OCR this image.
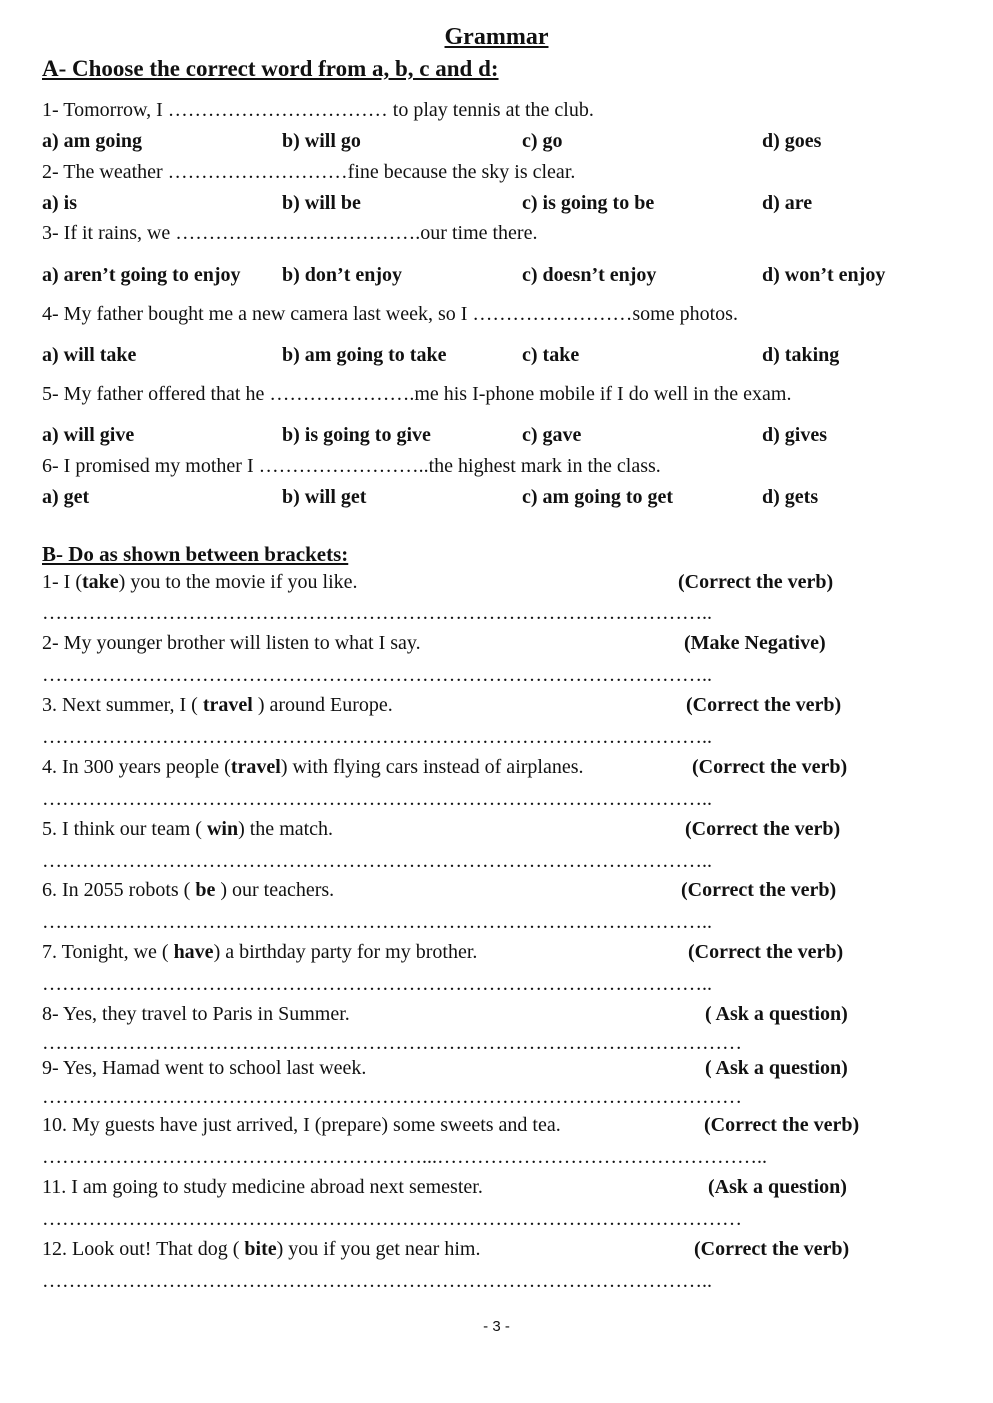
Grammar
A- Choose the correct word from a, b, c and d:
1- Tomorrow, I …………………………… to play tennis at the club.
a) am going	b) will go	c) go	d) goes
2- The weather ………………………fine because the sky is clear.
a) is	b) will be	c) is going to be	d) are
3- If it rains, we ……………………………….our time there.
a) aren’t going to enjoy b) don’t enjoy	c) doesn’t enjoy	d) won’t enjoy
4- My father bought me a new camera last week, so I ……………………some photos.
a) will take	b) am going to take	c) take	d) taking
5- My father offered that he ………………….me his I-phone mobile if I do well in the exam.
a) will give	b) is going to give	c) gave	d) gives
6- I promised my mother I ……………………..the highest mark in the class.
a) get	b) will get	c) am going to get	d) gets
B- Do as shown between brackets:
1- I (take) you to the movie if you like.	(Correct the verb)
………………………………………………………………………………………..
2- My younger brother will listen to what I say.	(Make Negative)
………………………………………………………………………………………..
3. Next summer, I ( travel ) around Europe.	(Correct the verb)
………………………………………………………………………………………..
4. In 300 years people (travel) with flying cars instead of airplanes.	(Correct the verb)
………………………………………………………………………………………..
5. I think our team ( win) the match.	(Correct the verb)
………………………………………………………………………………………..
6. In 2055 robots ( be ) our teachers.	(Correct the verb)
………………………………………………………………………………………..
7. Tonight, we ( have) a birthday party for my brother.	(Correct the verb)
………………………………………………………………………………………..
8- Yes, they travel to Paris in Summer.	( Ask a question)
……………………………………………………………………………………………
9- Yes, Hamad went to school last week.	( Ask a question)
……………………………………………………………………………………………
10. My guests have just arrived, I (prepare) some sweets and tea.	(Correct the verb)
…………………………………………………...…………………………………………..
11. I am going to study medicine abroad next semester.	(Ask a question)
……………………………………………………………………………………………
12. Look out! That dog ( bite) you if you get near him.	(Correct the verb)
………………………………………………………………………………………..
- 3 -
